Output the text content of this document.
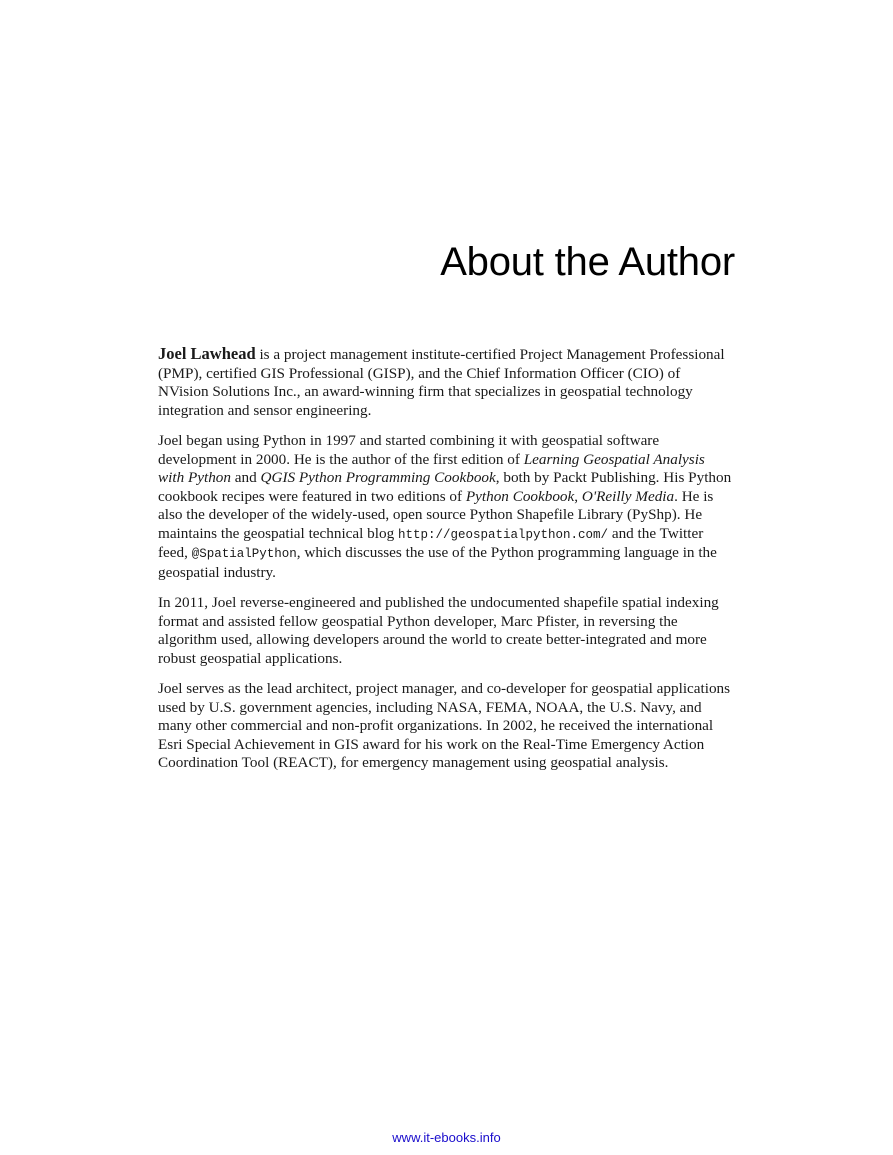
About the Author

Joel Lawhead is a project management institute-certified Project Management Professional (PMP), certified GIS Professional (GISP), and the Chief Information Officer (CIO) of NVision Solutions Inc., an award-winning firm that specializes in geospatial technology integration and sensor engineering.

Joel began using Python in 1997 and started combining it with geospatial software development in 2000. He is the author of the first edition of Learning Geospatial Analysis with Python and QGIS Python Programming Cookbook, both by Packt Publishing. His Python cookbook recipes were featured in two editions of Python Cookbook, O'Reilly Media. He is also the developer of the widely-used, open source Python Shapefile Library (PyShp). He maintains the geospatial technical blog http://geospatialpython.com/ and the Twitter feed, @SpatialPython, which discusses the use of the Python programming language in the geospatial industry.

In 2011, Joel reverse-engineered and published the undocumented shapefile spatial indexing format and assisted fellow geospatial Python developer, Marc Pfister, in reversing the algorithm used, allowing developers around the world to create better-integrated and more robust geospatial applications.

Joel serves as the lead architect, project manager, and co-developer for geospatial applications used by U.S. government agencies, including NASA, FEMA, NOAA, the U.S. Navy, and many other commercial and non-profit organizations. In 2002, he received the international Esri Special Achievement in GIS award for his work on the Real-Time Emergency Action Coordination Tool (REACT), for emergency management using geospatial analysis.

www.it-ebooks.info
